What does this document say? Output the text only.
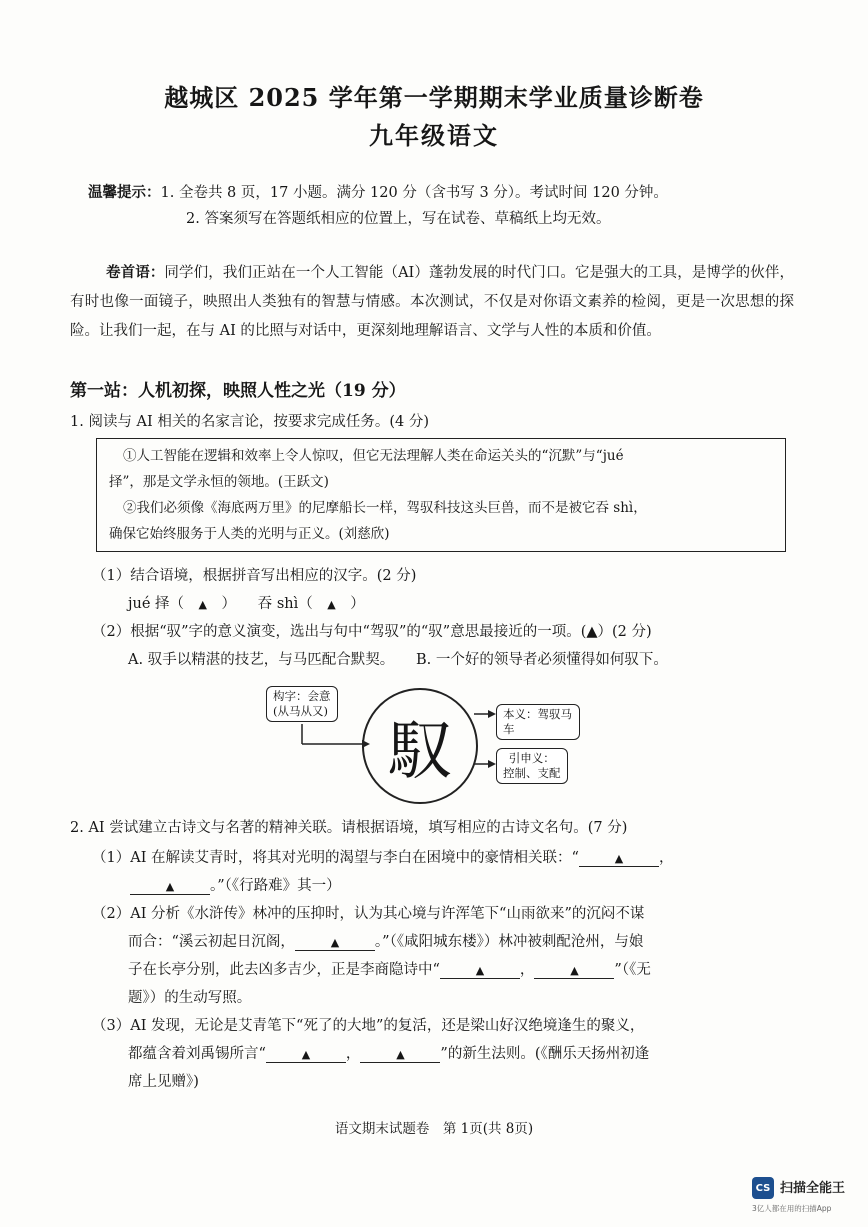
越城区 2025 学年第一学期期末学业质量诊断卷
九年级语文
温馨提示：1. 全卷共 8 页，17 小题。满分 120 分（含书写 3 分）。考试时间 120 分钟。
2. 答案须写在答题纸相应的位置上，写在试卷、草稿纸上均无效。
卷首语：同学们，我们正站在一个人工智能（AI）蓬勃发展的时代门口。它是强大的工具，是博学的伙伴，有时也像一面镜子，映照出人类独有的智慧与情感。本次测试，不仅是对你语文素养的检阅，更是一次思想的探险。让我们一起，在与 AI 的比照与对话中，更深刻地理解语言、文学与人性的本质和价值。
第一站：人机初探，映照人性之光（19 分）
1. 阅读与 AI 相关的名家言论，按要求完成任务。(4 分)

①人工智能在逻辑和效率上令人惊叹，但它无法理解人类在命运关头的“沉默”与“jué

择”，那是文学永恒的领地。(王跃文)

②我们必须像《海底两万里》的尼摩船长一样，驾驭科技这头巨兽，而不是被它吞 shì，

确保它始终服务于人类的光明与正义。(刘慈欣)

（1）结合语境，根据拼音写出相应的汉字。(2 分)
jué 择（　 ▲　 ）　　吞 shì（　 ▲　 ）
（2）根据“驭”字的意义演变，选出与句中“驾驭”的“驭”意思最接近的一项。(▲）(2 分)
A. 驭手以精湛的技艺，与马匹配合默契。　　 B. 一个好的领导者必须懂得如何驭下。
构字：会意
(从马从又)
馭
本义：驾驭马车
引申义：
控制、支配
2. AI 尝试建立古诗文与名著的精神关联。请根据语境，填写相应的古诗文名句。(7 分)
（1）AI 在解读艾青时，将其对光明的渴望与李白在困境中的豪情相关联：“	▲ ，
▲ 。”（《行路难》其一）
（2）AI 分析《水浒传》林冲的压抑时，认为其心境与许浑笔下“山雨欲来”的沉闷不谋
而合：“溪云初起日沉阁，	▲ 。”（《咸阳城东楼》）林冲被刺配沧州，与娘
子在长亭分别，此去凶多吉少，正是李商隐诗中“	▲ ，	▲ ”（《无
题》）的生动写照。
（3）AI 发现，无论是艾青笔下“死了的大地”的复活，还是梁山好汉绝境逢生的聚义，
都蕴含着刘禹锡所言“	▲ ，	▲ ”的新生法则。(《酬乐天扬州初逢
席上见赠》)
语文期末试题卷　第 1页(共 8页)
CS 扫描全能王
3亿人都在用的扫描App
